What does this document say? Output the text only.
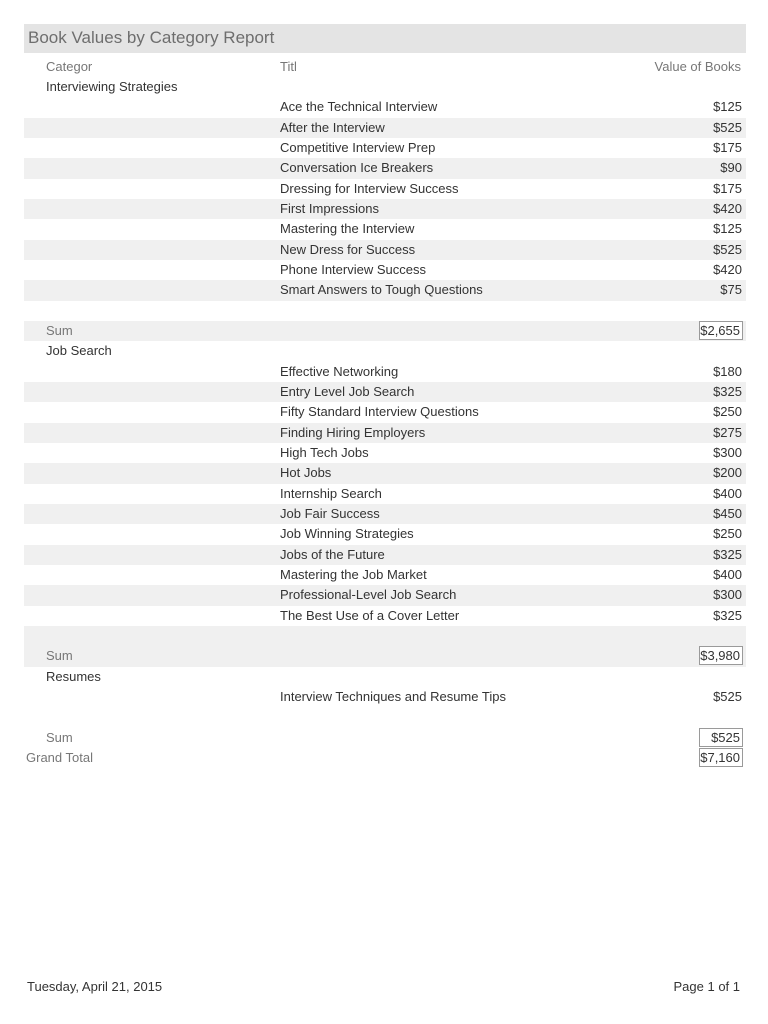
Book Values by Category Report
Categor	Titl	Value of Books
Interviewing Strategies
Ace the Technical Interview	$125
After the Interview	$525
Competitive Interview Prep	$175
Conversation Ice Breakers	$90
Dressing for Interview Success	$175
First Impressions	$420
Mastering the Interview	$125
New Dress for Success	$525
Phone Interview Success	$420
Smart Answers to Tough Questions	$75
Sum	$2,655
Job Search
Effective Networking	$180
Entry Level Job Search	$325
Fifty Standard Interview Questions	$250
Finding Hiring Employers	$275
High Tech Jobs	$300
Hot Jobs	$200
Internship Search	$400
Job Fair Success	$450
Job Winning Strategies	$250
Jobs of the Future	$325
Mastering the Job Market	$400
Professional-Level Job Search	$300
The Best Use of a Cover Letter	$325
Sum	$3,980
Resumes
Interview Techniques and Resume Tips	$525
Sum	$525
Grand Total	$7,160
Tuesday, April 21, 2015	Page 1 of 1
